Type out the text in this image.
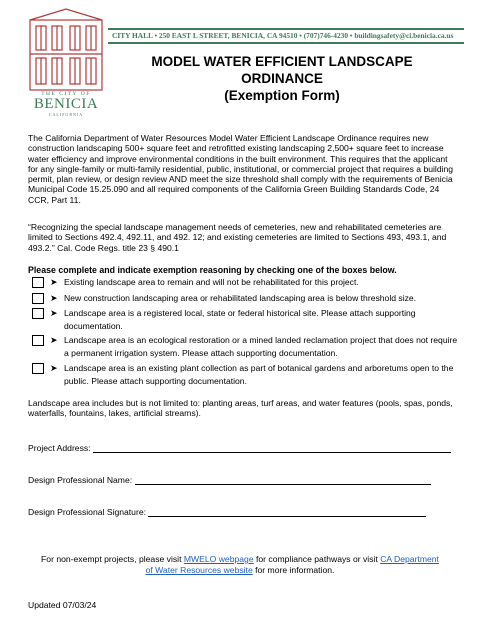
THE CITY OF
BENICIA
CALIFORNIA
CITY HALL • 250 EAST L STREET, BENICIA, CA 94510 • (707)746-4230 • buildingsafety@ci.benicia.ca.us
MODEL WATER EFFICIENT LANDSCAPE
ORDINANCE
(Exemption Form)
The California Department of Water Resources Model Water Efficient Landscape Ordinance requires new construction landscaping 500+ square feet and retrofitted existing landscaping 2,500+ square feet to increase water efficiency and improve environmental conditions in the built environment. This requires that the applicant for any single-family or multi-family residential, public, institutional, or commercial project that requires a building permit, plan review, or design review AND meet the size threshold shall comply with the requirements of Benicia Municipal Code 15.25.090 and all required components of the California Green Building Standards Code, 24 CCR, Part 11.
“Recognizing the special landscape management needs of cemeteries, new and rehabilitated cemeteries are limited to Sections 492.4, 492.11, and 492. 12; and existing cemeteries are limited to Sections 493, 493.1, and 493.2.” Cal. Code Regs. title 23 § 490.1
Please complete and indicate exemption reasoning by checking one of the boxes below.
➤ Existing landscape area to remain and will not be rehabilitated for this project.
➤ New construction landscaping area or rehabilitated landscaping area is below threshold size.
➤ Landscape area is a registered local, state or federal historical site. Please attach supporting documentation.
➤ Landscape area is an ecological restoration or a mined landed reclamation project that does not require a permanent irrigation system. Please attach supporting documentation.
➤ Landscape area is an existing plant collection as part of botanical gardens and arboretums open to the public. Please attach supporting documentation.
Landscape area includes but is not limited to: planting areas, turf areas, and water features (pools, spas, ponds, waterfalls, fountains, lakes, artificial streams).
Project Address:
Design Professional Name:
Design Professional Signature:
For non-exempt projects, please visit MWELO webpage for compliance pathways or visit CA Department of Water Resources website for more information.
Updated 07/03/24
